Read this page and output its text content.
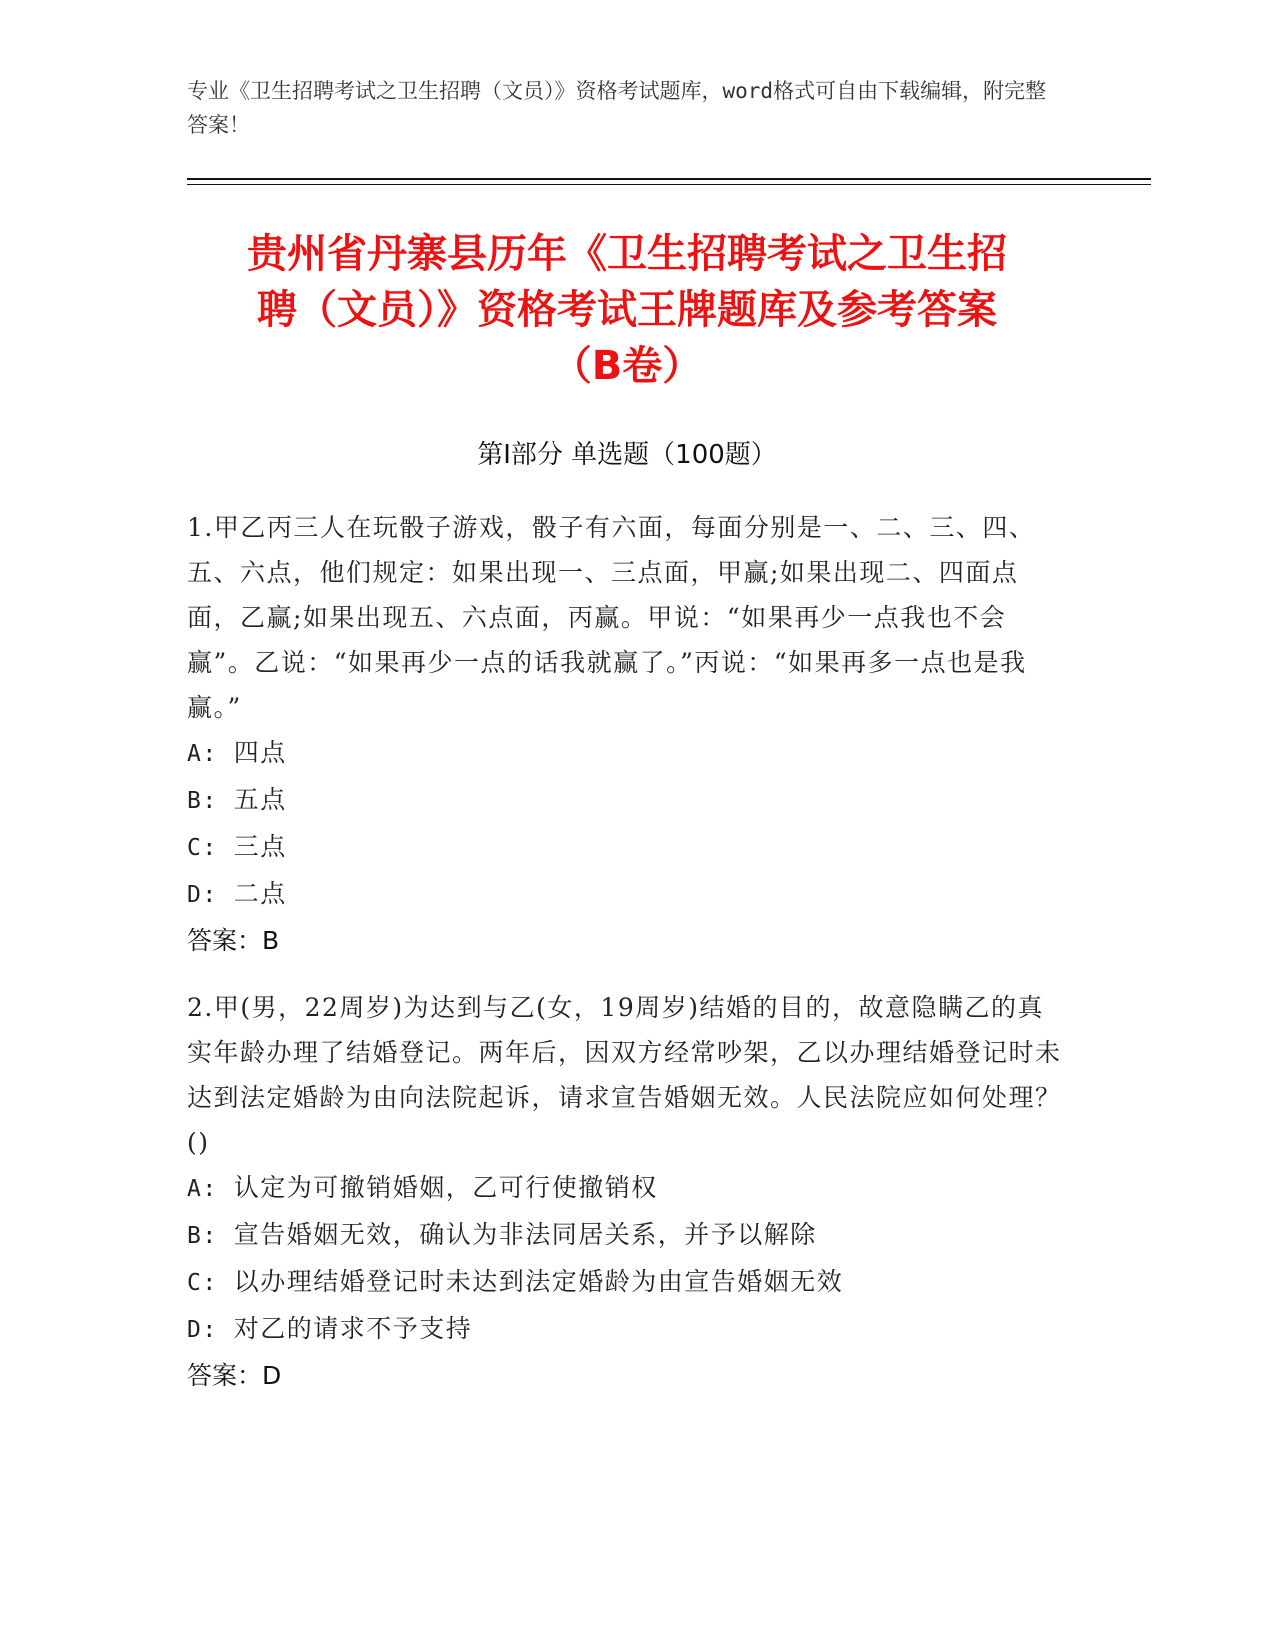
专业《卫生招聘考试之卫生招聘（文员）》资格考试题库，word格式可自由下载编辑，附完整答案！
贵州省丹寨县历年《卫生招聘考试之卫生招
聘（文员）》资格考试王牌题库及参考答案
（B卷）
第Ⅰ部分 单选题（100题）

1.甲乙丙三人在玩骰子游戏，骰子有六面，每面分别是一、二、三、四、五、六点，他们规定：如果出现一、三点面，甲赢;如果出现二、四面点面，乙赢;如果出现五、六点面，丙赢。甲说：“如果再少一点我也不会赢”。乙说：“如果再少一点的话我就赢了。”丙说：“如果再多一点也是我赢。”

A: 四点

B: 五点

C: 三点

D: 二点

答案：B

2.甲(男，22周岁)为达到与乙(女，19周岁)结婚的目的，故意隐瞒乙的真实年龄办理了结婚登记。两年后，因双方经常吵架，乙以办理结婚登记时未达到法定婚龄为由向法院起诉，请求宣告婚姻无效。人民法院应如何处理？()

A: 认定为可撤销婚姻，乙可行使撤销权

B: 宣告婚姻无效，确认为非法同居关系，并予以解除

C: 以办理结婚登记时未达到法定婚龄为由宣告婚姻无效

D: 对乙的请求不予支持

答案：D
